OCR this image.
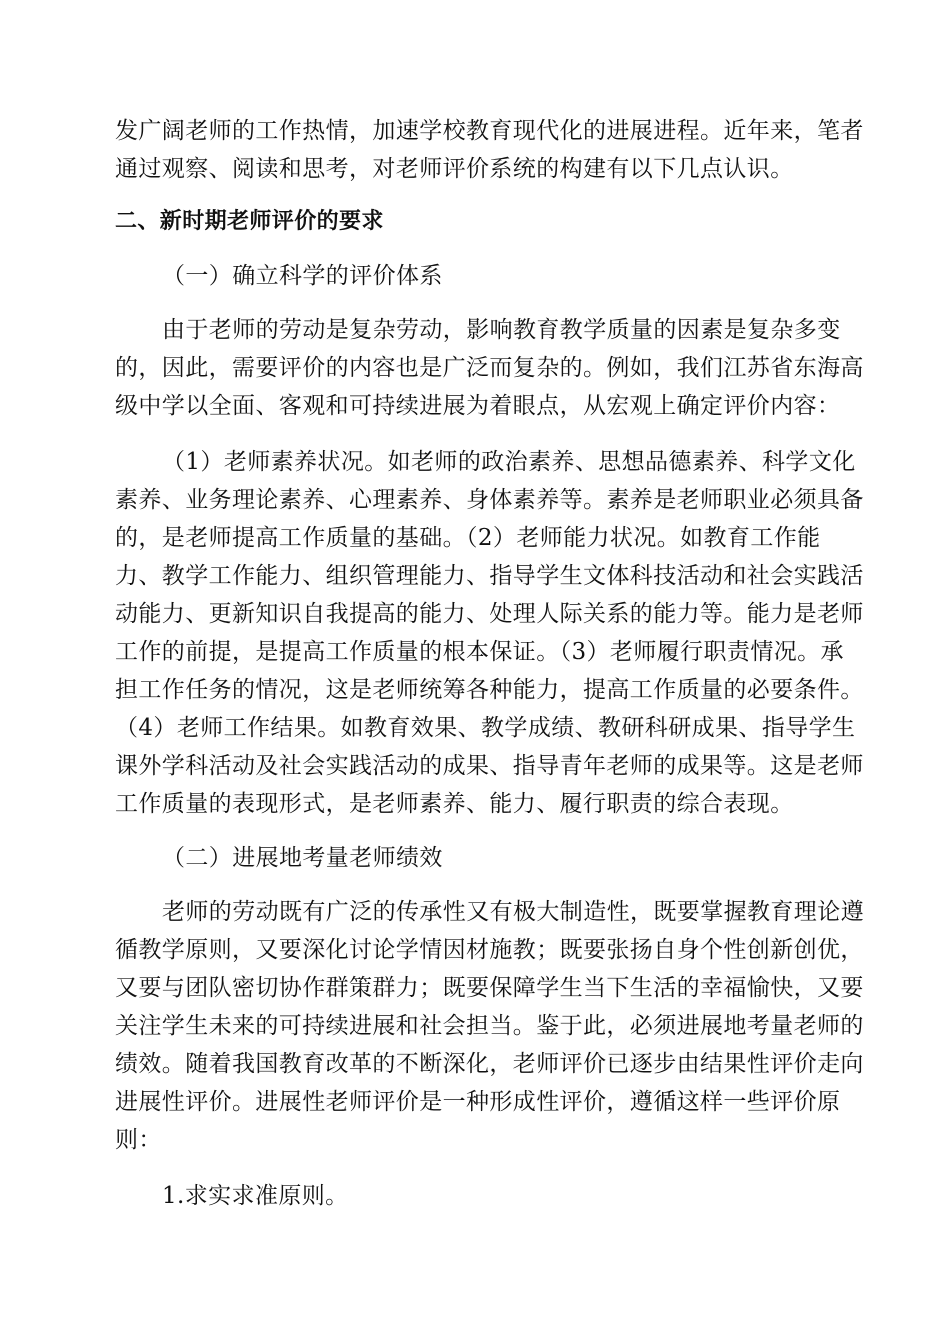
发广阔老师的工作热情，加速学校教育现代化的进展进程。近年来，笔者
通过观察、阅读和思考，对老师评价系统的构建有以下几点认识。
二、新时期老师评价的要求
（一）确立科学的评价体系
由于老师的劳动是复杂劳动，影响教育教学质量的因素是复杂多变
的，因此，需要评价的内容也是广泛而复杂的。例如，我们江苏省东海高
级中学以全面、客观和可持续进展为着眼点，从宏观上确定评价内容：
（1）老师素养状况。如老师的政治素养、思想品德素养、科学文化
素养、业务理论素养、心理素养、身体素养等。素养是老师职业必须具备
的，是老师提高工作质量的基础。（2）老师能力状况。如教育工作能
力、教学工作能力、组织管理能力、指导学生文体科技活动和社会实践活
动能力、更新知识自我提高的能力、处理人际关系的能力等。能力是老师
工作的前提，是提高工作质量的根本保证。（3）老师履行职责情况。承
担工作任务的情况，这是老师统筹各种能力，提高工作质量的必要条件。
（4）老师工作结果。如教育效果、教学成绩、教研科研成果、指导学生
课外学科活动及社会实践活动的成果、指导青年老师的成果等。这是老师
工作质量的表现形式，是老师素养、能力、履行职责的综合表现。
（二）进展地考量老师绩效
老师的劳动既有广泛的传承性又有极大制造性，既要掌握教育理论遵
循教学原则，又要深化讨论学情因材施教；既要张扬自身个性创新创优，
又要与团队密切协作群策群力；既要保障学生当下生活的幸福愉快，又要
关注学生未来的可持续进展和社会担当。鉴于此，必须进展地考量老师的
绩效。随着我国教育改革的不断深化，老师评价已逐步由结果性评价走向
进展性评价。进展性老师评价是一种形成性评价，遵循这样一些评价原
则：
1.求实求准原则。
